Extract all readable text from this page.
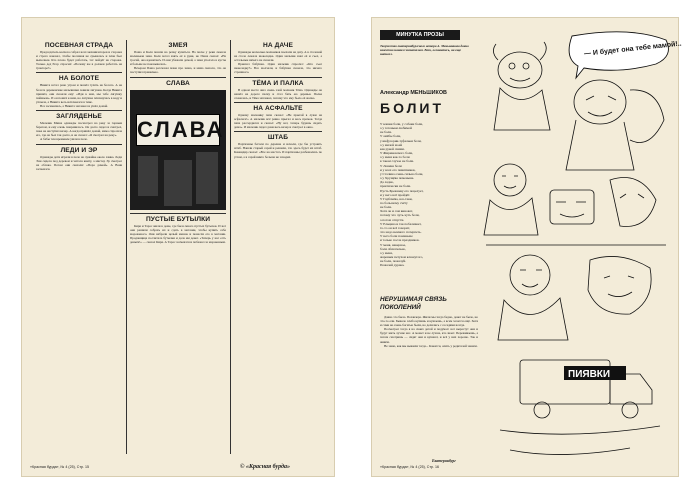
ПОСЕВНАЯ СТРАДА

Председатель колхоза собрал всех механизаторов и сторожа и строго наказал, чтобы посевная не срывалась и план был выполнен. Кто плохо будет работать, тот пойдёт на сторожа. Только дед Егор спросил: «Почему же я должен работать на тракторе?»

НА БОЛОТЕ

Никита встал рано утром и пошёл гулять на болото. А на болоте деревенские мальчишки ловили лягушек. Когда Никита пришёл, они сказали ему: «Иди к нам, мы тебе лягушку поймаем». И он пошёл к ним, но лягушка плюхнулась в воду и уплыла, а Никита весь испачкался в тине.

Все засмеялись, а Никита заплакал и ушёл домой.

ЗАГЛЯДЕНЬЕ

Мальчик Миша однажды посмотрел на реку за горным берегом, и ему очень понравилось. Он долго сидел и смотрел, пока не наступил вечер. А когда пришёл домой, мама спросила его, где он был так долго, и он сказал: «Я смотрел на реку».

А бабы тем временем ушли в поле.

ЛЕДИ И ЭР

Однажды дети играли в поле на лужайке около замка. Леди Энн сидела под деревом и читала книгу, а мистер Эр смотрел на облака. Потом они сказали: «Пора домой». А Ваня засмеялся.

ЗМЕЯ

Паша и Коля пошли на речку купаться. На песке у реки лежала маленькая змея. Коля хотел взять её в руки, но Паша сказал: «Не трогай, она ядовитая!» И они убежали домой, а змея уползла в кусты и больше не показывалась.

Вечером Паша рассказал маме про змею, и мама сказала, что он поступил правильно.

СЛАВА
СЛАВА
ПУСТЫЕ БУТЫЛКИ

Киря и Тарас жили в доме, где было много пустых бутылок. И вот они решили собрать их и сдать в магазин, чтобы купить себе мороженого. Они набрали целый мешок и понесли его в магазин. Продавщица посчитала бутылки и дала им денег. «Теперь у нас есть деньги!» — сказал Киря. А Тарас засмеялся и побежал за мороженым.

НА ДАЧЕ

Однажды несколько мальчиков поехали на дачу. А в столовой на столе лежала шоколадка. Один мальчик взял её и съел, а остальные ничего не сказали.

Приехал бабушка. Один мальчик спросил: «Кто съел шоколадку?» Все молчали, и бабушка сказала, что ничего страшного.

ТЁМА И ПАЛКА

В одном месте жил очень злой мальчик Тёма. Однажды он нашёл на дороге палку и стал бить ею деревья. Палка сломалась, и Тёма заплакал, потому что ему было её жалко.

НА АСФАЛЬТЕ

Одному мальчику папа сказал: «Не прыгай в лужи на асфальте!» А мальчик всё равно прыгал и весь промок. Тогда папа рассердился и сказал: «Ну вот, теперь будешь сидеть дома». И мальчик сидел дома весь вечер и смотрел в окно.

ШТАБ

Партизаны бегали по деревне и искали, где бы устроить штаб. Нашли старый сарай и решили, что здесь будет их штаб. Командир сказал: «Все на места!» И партизаны разбежались по углам, а в сарай никто больше не заходил.

«Красная бурда», № 4 (25), Стр. 15	© «Красная бурда»
МИНУТКА ПРОЗЫ
Творчество екатеринбургского автора А. Меньшикова давно известно нашим читателям. Вот, оглянитесь, он еще написал.
Александр МЕНЬШИКОВ
БОЛИТ
У кошки боли, у собаки боли,
а у тетеньки любимой
не боли.
У амёбы боли,
у инфузории-туфельки боли,
а у милой моей
как рукой сними.
У Жириновского боли,
а у меня как-то боли
в таком случае не боли.
У Ленина боли
и у всех его памятников,
у Сталина очень сильно боли,
а у Хрущёва поменьше.
Да ладно,
практически не боли.
Пусть Брежневу его поцелует,
и у него всё пройдёт.
У Горбачёва, все-таки,
по большому счёту
не боли.
Хотя он и сам виноват,
потому что чуть-чуть боли,
а потом отпусти.
У Ельцина и так побаливает,
то-то он всё говорит,
что надо немного потерпеть.
У него боли поменьше
и только после праздников.
У меня, наверное,
боли обязательно,
а у меня,
жареным петухом клюнутого,
не боли, пожалуй.
Пожалей дурака.
НЕРУШИМАЯ СВЯЗЬ ПОКОЛЕНИЙ

Давно это было. Позавчера. Жили мы тогда бедно, денег не было, но что-то ели. Бывало хлеба купишь и кушаешь, а всем хочется ещё. Хотя и сами не очень богатые были, но делились с соседями всегда.

Посмотрел тогда я на своих детей и подумал: вот вырастут они и будут жить лучше нас. А может и не лучше, кто знает. Переживаешь, а потом смотришь — сидят они и кушают, и всё у них хорошо. Так и живём.

Не знаю, как мы выжили тогда... Кажется, опять у родителей заняли.

Екатеринбург
— И будет она тебе мамой!..
ПИЯВКИ
«Красная бурда», № 4 (25), Стр. 16
